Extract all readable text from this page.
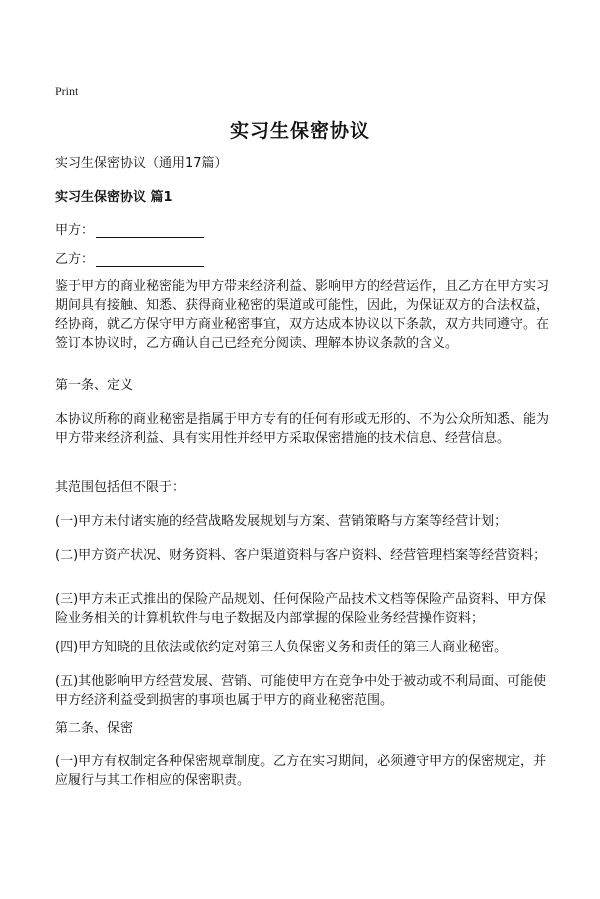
Print
实习生保密协议
实习生保密协议（通用17篇）
实习生保密协议 篇1
甲方：
乙方：

鉴于甲方的商业秘密能为甲方带来经济利益、影响甲方的经营运作，且乙方在甲方实习期间具有接触、知悉、获得商业秘密的渠道或可能性，因此，为保证双方的合法权益，经协商，就乙方保守甲方商业秘密事宜，双方达成本协议以下条款，双方共同遵守。在签订本协议时，乙方确认自己已经充分阅读、理解本协议条款的含义。

第一条、定义

本协议所称的商业秘密是指属于甲方专有的任何有形或无形的、不为公众所知悉、能为甲方带来经济利益、具有实用性并经甲方采取保密措施的技术信息、经营信息。

其范围包括但不限于：

(一)甲方未付诸实施的经营战略发展规划与方案、营销策略与方案等经营计划；

(二)甲方资产状况、财务资料、客户渠道资料与客户资料、经营管理档案等经营资料；

(三)甲方未正式推出的保险产品规划、任何保险产品技术文档等保险产品资料、甲方保险业务相关的计算机软件与电子数据及内部掌握的保险业务经营操作资料；

(四)甲方知晓的且依法或依约定对第三人负保密义务和责任的第三人商业秘密。

(五)其他影响甲方经营发展、营销、可能使甲方在竞争中处于被动或不利局面、可能使甲方经济利益受到损害的事项也属于甲方的商业秘密范围。

第二条、保密

(一)甲方有权制定各种保密规章制度。乙方在实习期间，必须遵守甲方的保密规定，并应履行与其工作相应的保密职责。
